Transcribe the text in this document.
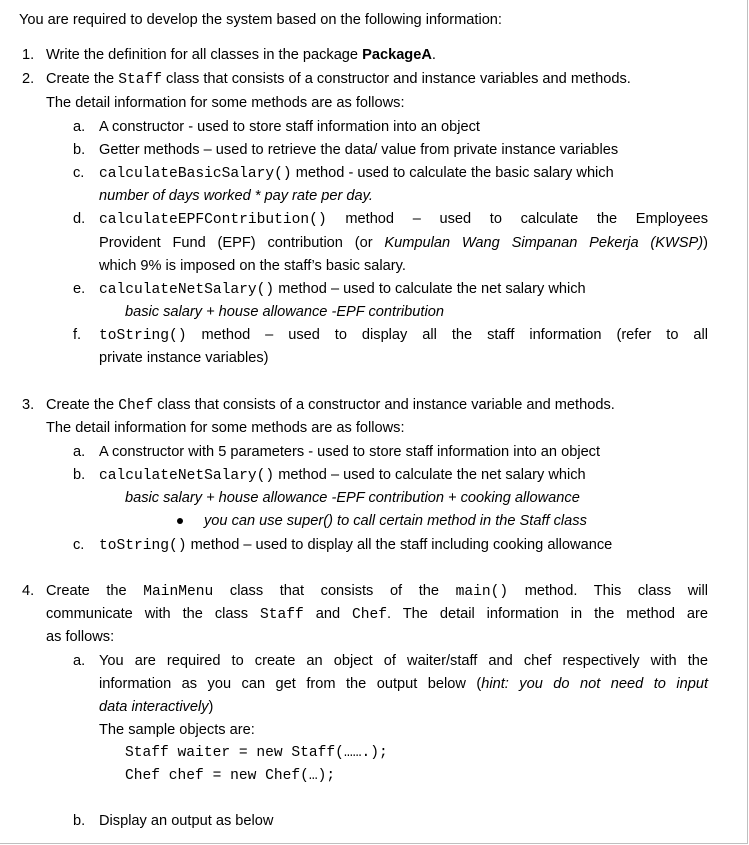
You are required to develop the system based on the following information:
1. Write the definition for all classes in the package PackageA.
2. Create the Staff class that consists of a constructor and instance variables and methods.
The detail information for some methods are as follows:
a. A constructor - used to store staff information into an object
b. Getter methods – used to retrieve the data/ value from private instance variables
c. calculateBasicSalary() method - used to calculate the basic salary which
number of days worked * pay rate per day.
d. calculateEPFContribution() method – used to calculate the Employees
Provident Fund (EPF) contribution (or Kumpulan Wang Simpanan Pekerja (KWSP))
which 9% is imposed on the staff’s basic salary.
e. calculateNetSalary() method – used to calculate the net salary which
basic salary + house allowance -EPF contribution
f. toString() method – used to display all the staff information (refer to all
private instance variables)
3. Create the Chef class that consists of a constructor and instance variable and methods.
The detail information for some methods are as follows:
a. A constructor with 5 parameters - used to store staff information into an object
b. calculateNetSalary() method – used to calculate the net salary which
basic salary + house allowance -EPF contribution + cooking allowance
you can use super() to call certain method in the Staff class
c. toString() method – used to display all the staff including cooking allowance
4. Create the MainMenu class that consists of the main() method. This class will
communicate with the class Staff and Chef. The detail information in the method are
as follows:
a. You are required to create an object of waiter/staff and chef respectively with the
information as you can get from the output below (hint: you do not need to input
data interactively)
The sample objects are:
Staff waiter = new Staff(…….);
Chef chef = new Chef(…);
b. Display an output as below
